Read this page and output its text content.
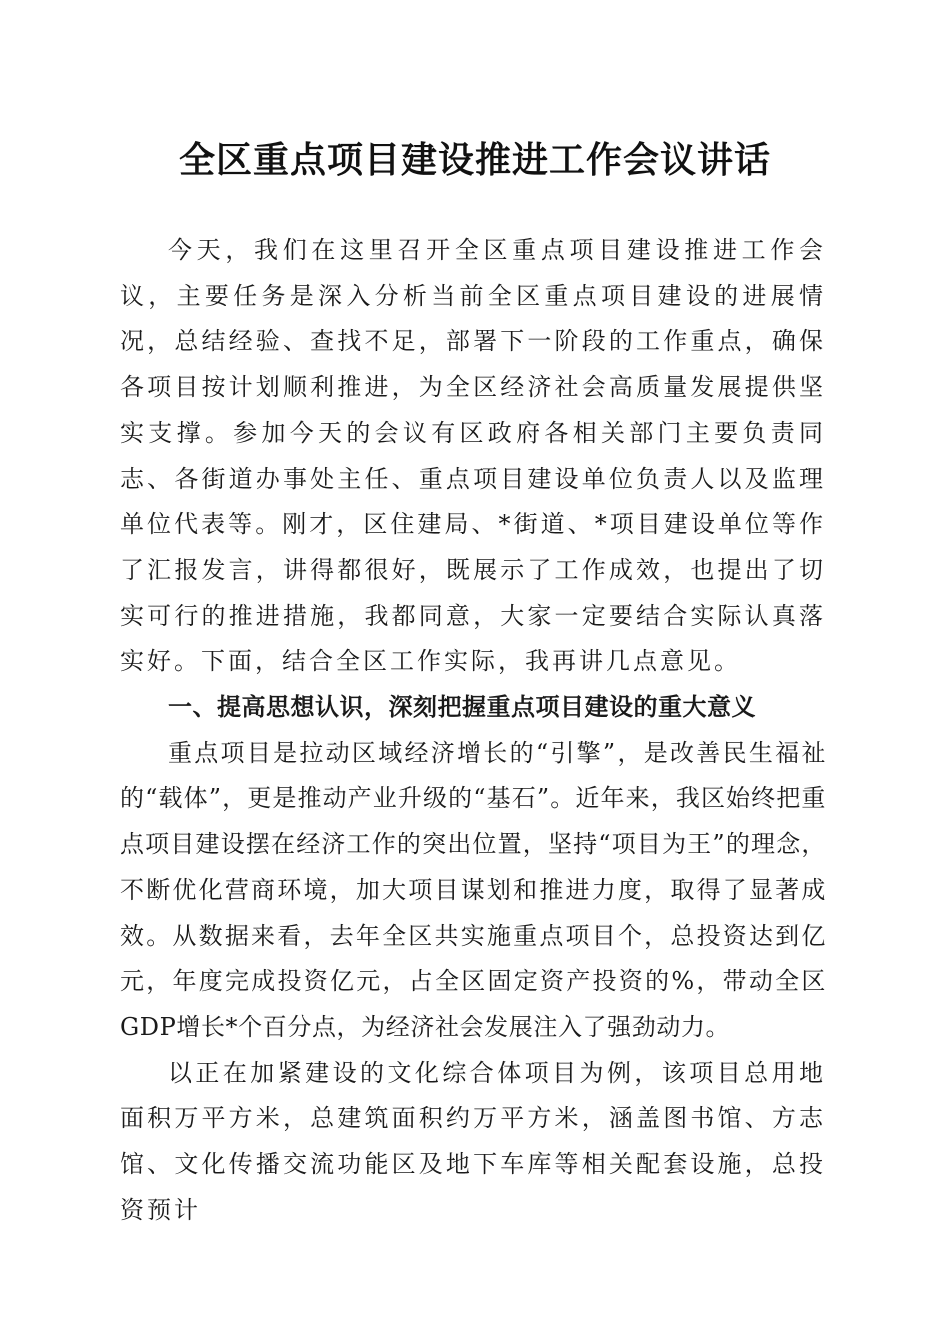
全区重点项目建设推进工作会议讲话

今天，我们在这里召开全区重点项目建设推进工作会议，主要任务是深入分析当前全区重点项目建设的进展情况，总结经验、查找不足，部署下一阶段的工作重点，确保各项目按计划顺利推进，为全区经济社会高质量发展提供坚实支撑。参加今天的会议有区政府各相关部门主要负责同志、各街道办事处主任、重点项目建设单位负责人以及监理单位代表等。刚才，区住建局、*街道、*项目建设单位等作了汇报发言，讲得都很好，既展示了工作成效，也提出了切实可行的推进措施，我都同意，大家一定要结合实际认真落实好。下面，结合全区工作实际，我再讲几点意见。

一、提高思想认识，深刻把握重点项目建设的重大意义

重点项目是拉动区域经济增长的“引擎”，是改善民生福祉的“载体”，更是推动产业升级的“基石”。近年来，我区始终把重点项目建设摆在经济工作的突出位置，坚持“项目为王”的理念，不断优化营商环境，加大项目谋划和推进力度，取得了显著成效。从数据来看，去年全区共实施重点项目个，总投资达到亿元，年度完成投资亿元，占全区固定资产投资的%，带动全区GDP增长*个百分点，为经济社会发展注入了强劲动力。

以正在加紧建设的文化综合体项目为例，该项目总用地面积万平方米，总建筑面积约万平方米，涵盖图书馆、方志馆、文化传播交流功能区及地下车库等相关配套设施，总投资预计
